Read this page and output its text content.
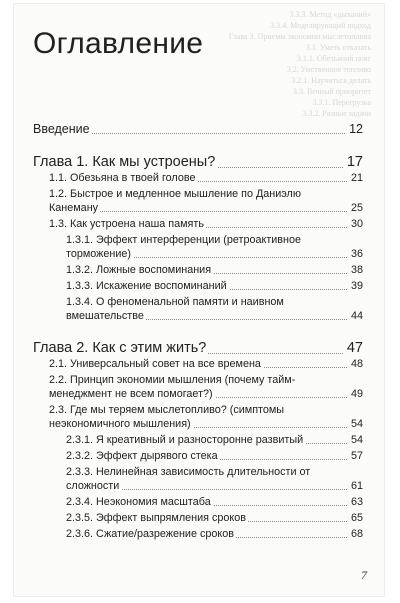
3.3.3. Метод «дыханий»
3.3.4. Моделирующий подход
Глава 3. Приемы экономии мыслетоплива
3.1. Уметь отказать
3.1.1. Обезьяний пояс
3.2. Умственное топливо
3.2.1. Научиться делать
3.3. Вечный приоритет
3.3.1. Перегрузка
3.3.2. Разные задачи
Оглавление
Введение	12
Глава 1. Как мы устроены?	17
1.1. Обезьяна в твоей голове	21
1.2. Быстрое и медленное мышление по Даниэлю Канеману	25
1.3. Как устроена наша память	30
1.3.1. Эффект интерференции (ретроактивное торможение)	36
1.3.2. Ложные воспоминания	38
1.3.3. Искажение воспоминаний	39
1.3.4. О феноменальной памяти и наивном вмешательстве	44
Глава 2. Как с этим жить?	47
2.1. Универсальный совет на все времена	48
2.2. Принцип экономии мышления (почему тайм-менеджмент не всем помогает?)	49
2.3. Где мы теряем мыслетопливо? (симптомы неэкономичного мышления)	54
2.3.1. Я креативный и разносторонне развитый	54
2.3.2. Эффект дырявого стека	57
2.3.3. Нелинейная зависимость длительности от сложности	61
2.3.4. Неэкономия масштаба	63
2.3.5. Эффект выпрямления сроков	65
2.3.6. Сжатие/разрежение сроков	68
7
